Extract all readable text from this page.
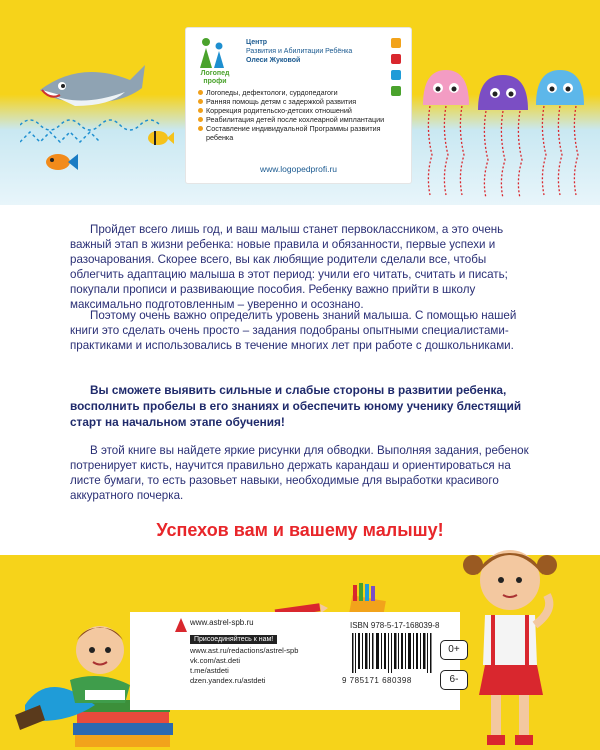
Логопед профи
Центр
Развития и Абилитации Ребёнка
Олеси Жуковой
Логопеды, дефектологи, сурдопедагоги
Ранняя помощь детям с задержкой развития
Коррекция родительско-детских отношений
Реабилитация детей после кохлеарной имплантации
Составление индивидуальной Программы развития ребенка
www.logopedprofi.ru

Пройдет всего лишь год, и ваш малыш станет первоклассником, а это очень важный этап в жизни ребенка: новые правила и обязанности, первые успехи и разочарования. Скорее всего, вы как любящие родители сделали все, чтобы облегчить адаптацию малыша в этот период: учили его читать, считать и писать; покупали прописи и развивающие пособия. Ребенку важно прийти в школу максимально подготовленным – уверенно и осознано.

Поэтому очень важно определить уровень знаний малыша. С помощью нашей книги это сделать очень просто – задания подобраны опытными специалистами-практиками и использовались в течение многих лет при работе с дошкольниками.

Вы сможете выявить сильные и слабые стороны в развитии ребенка, восполнить пробелы в его знаниях и обеспечить юному ученику блестящий старт на начальном этапе обучения!

В этой книге вы найдете яркие рисунки для обводки. Выполняя задания, ребенок потренирует кисть, научится правильно держать карандаш и ориентироваться на листе бумаги, то есть разовьет навыки, необходимые для выработки красивого аккуратного почерка.

Успехов вам и вашему малышу!
www.astrel-spb.ru
Присоединяйтесь к нам!
www.ast.ru/redactions/astrel-spb
vk.com/ast.deti
t.me/astdeti
dzen.yandex.ru/astdeti
ISBN 978-5-17-168039-8
9 785171 680398
0+
6-
